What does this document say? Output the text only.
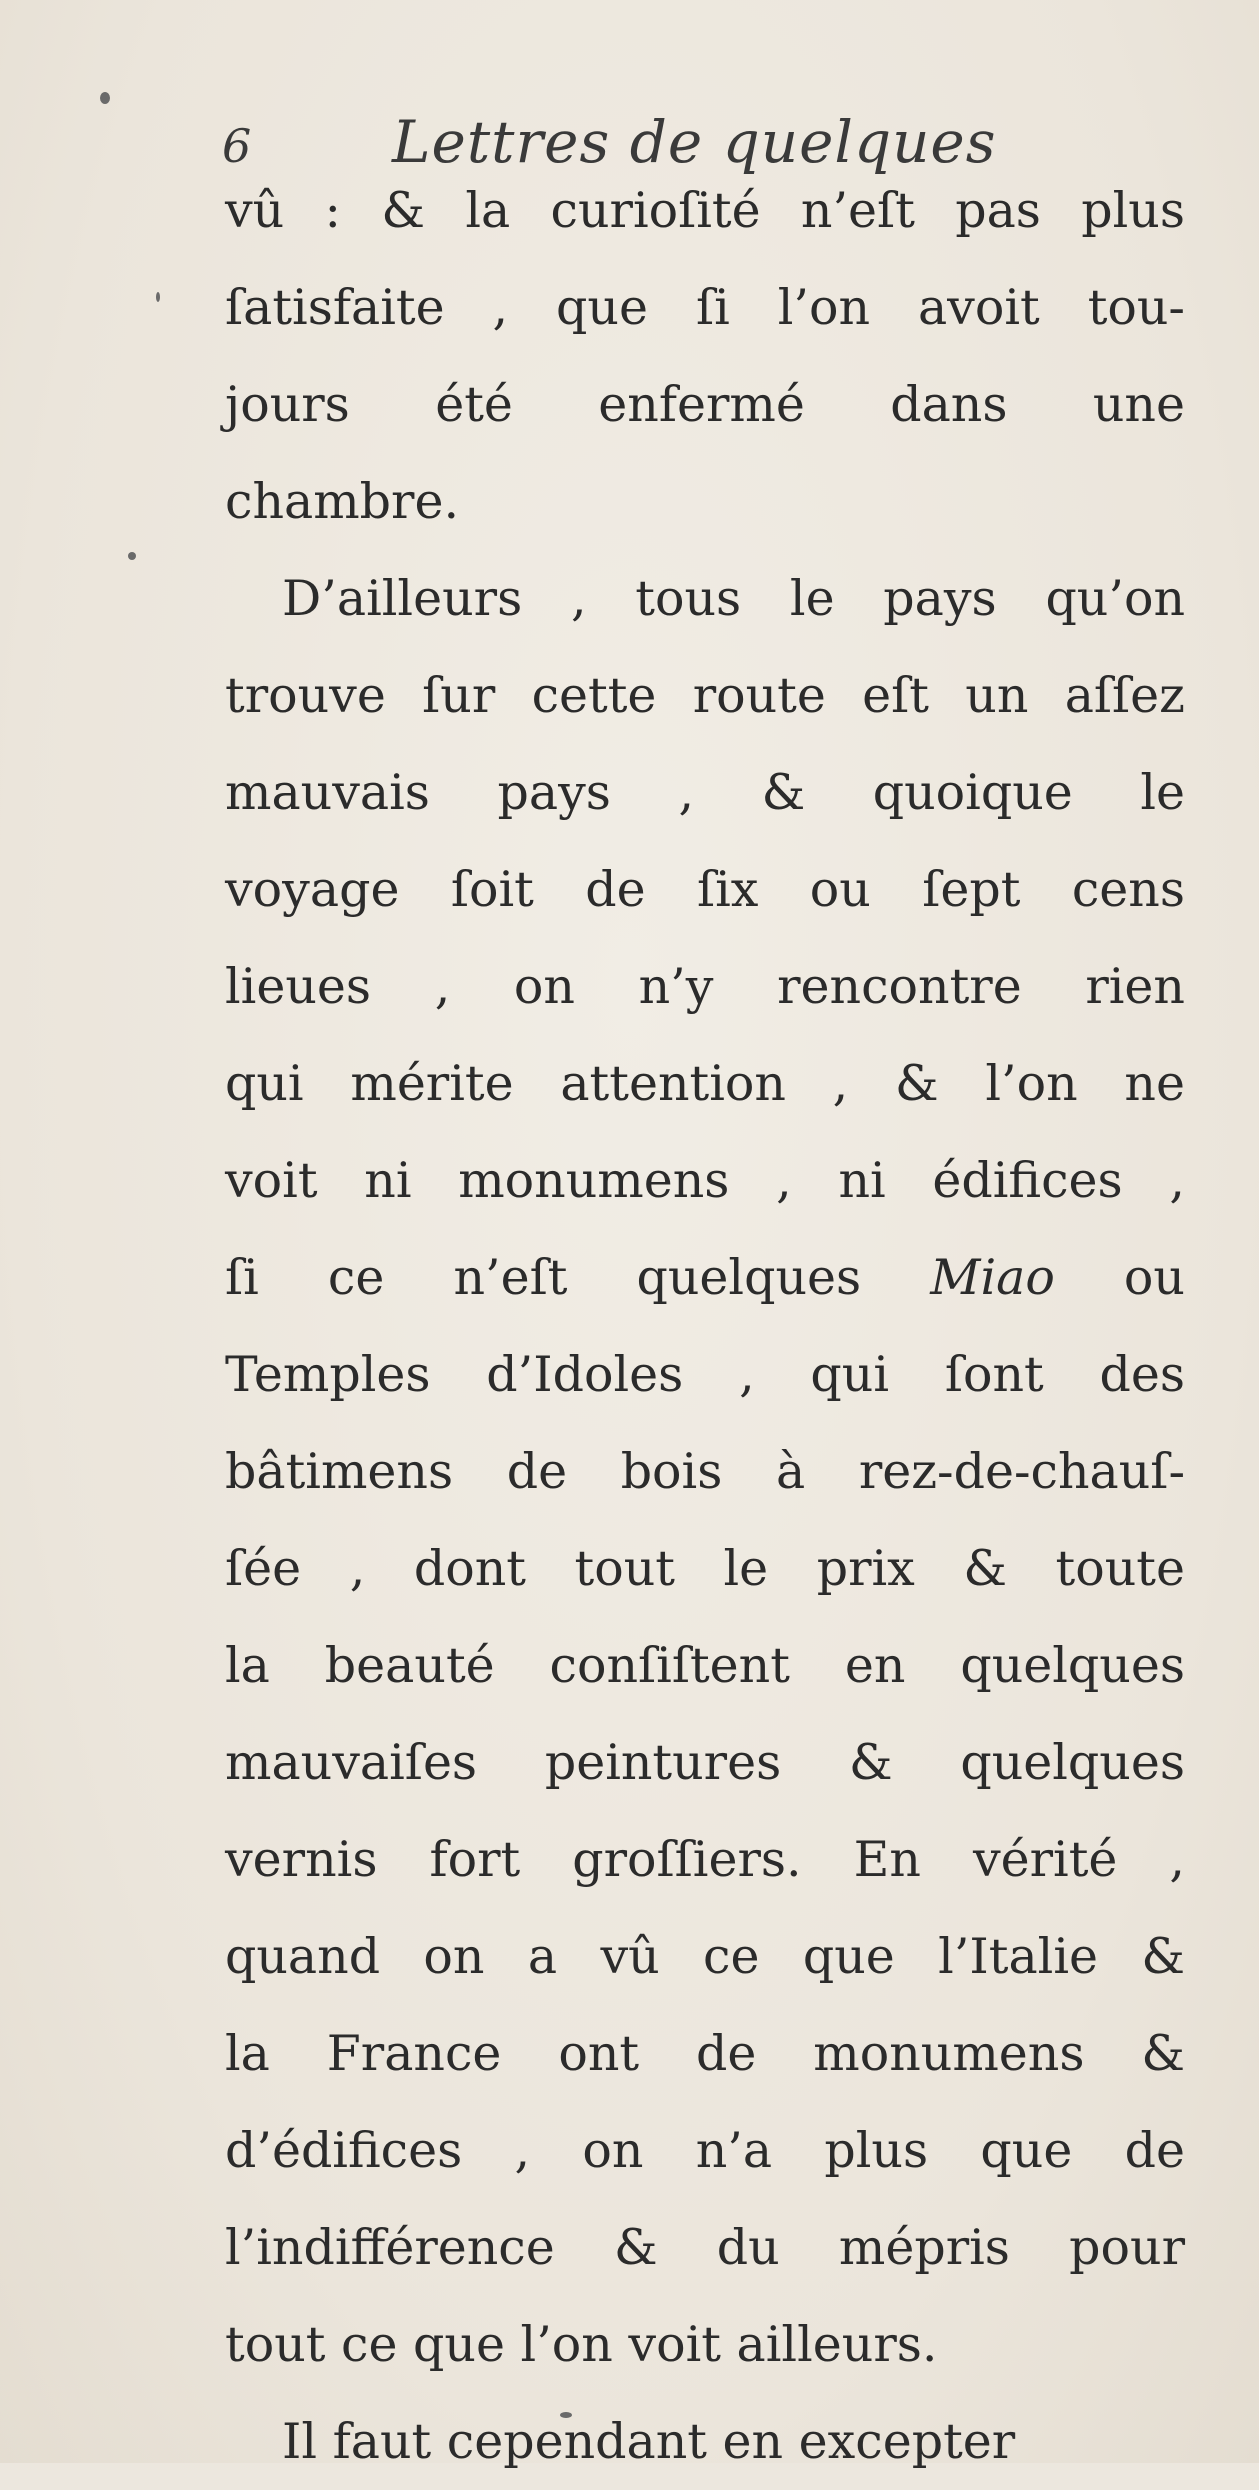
6 Lettres de quelques
vû : & la curioſité n’eſt pas plus
ſatisfaite , que ſi l’on avoit tou-
jours été enfermé dans une
chambre.
D’ailleurs , tous le pays qu’on
trouve ſur cette route eſt un aſſez
mauvais pays , & quoique le
voyage ſoit de ſix ou ſept cens
lieues , on n’y rencontre rien
qui mérite attention , & l’on ne
voit ni monumens , ni édifices ,
ſi ce n’eſt quelques Miao ou
Temples d’Idoles , qui ſont des
bâtimens de bois à rez-de-chauſ-
ſée , dont tout le prix & toute
la beauté conſiſtent en quelques
mauvaiſes peintures & quelques
vernis fort groſſiers. En vérité ,
quand on a vû ce que l’Italie &
la France ont de monumens &
d’édifices , on n’a plus que de
l’indifférence & du mépris pour
tout ce que l’on voit ailleurs.
Il faut cependant en excepter
